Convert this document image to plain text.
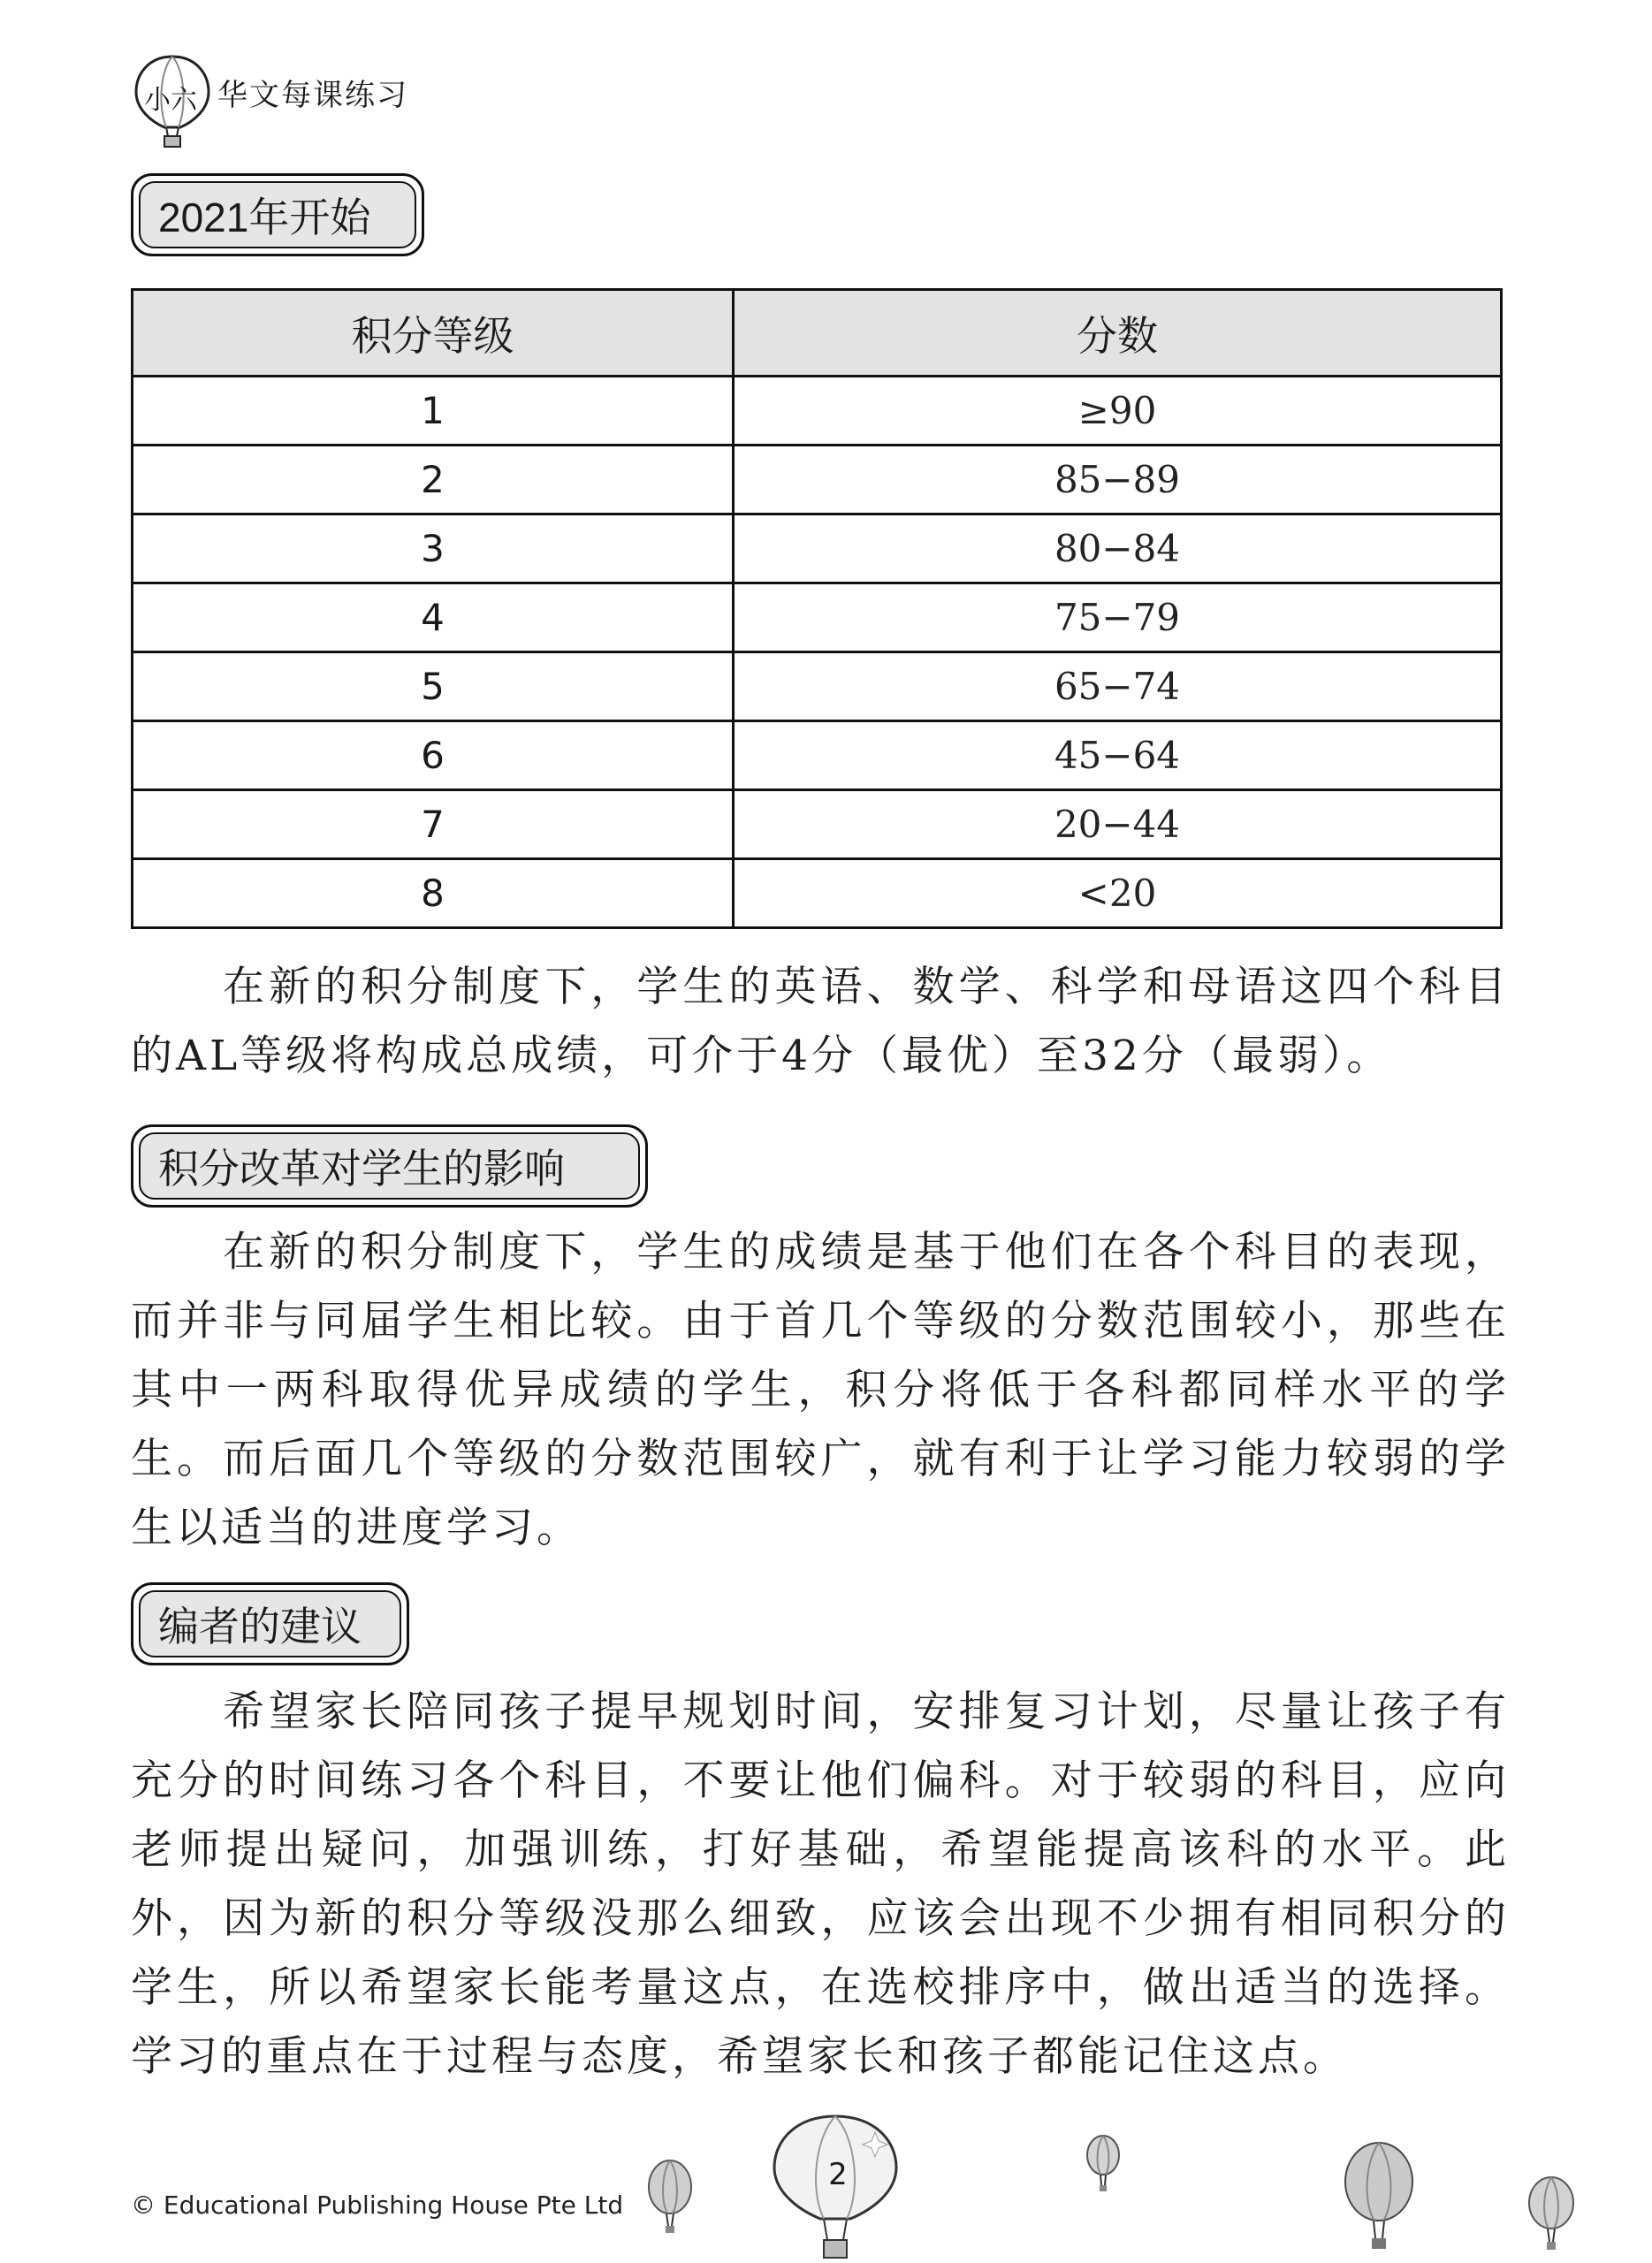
小六 华文每课练习
2021年开始
积分等级	分数
1	≥90
2	85−89
3	80−84
4	75−79
5	65−74
6	45−64
7	20−44
8	<20

在新的积分制度下，学生的英语、数学、科学和母语这四个科目的AL等级将构成总成绩，可介于4分（最优）至32分（最弱）。

积分改革对学生的影响

在新的积分制度下，学生的成绩是基于他们在各个科目的表现，而并非与同届学生相比较。由于首几个等级的分数范围较小，那些在其中一两科取得优异成绩的学生，积分将低于各科都同样水平的学生。而后面几个等级的分数范围较广，就有利于让学习能力较弱的学生以适当的进度学习。

编者的建议

希望家长陪同孩子提早规划时间，安排复习计划，尽量让孩子有充分的时间练习各个科目，不要让他们偏科。对于较弱的科目，应向老师提出疑问，加强训练，打好基础，希望能提高该科的水平。此外，因为新的积分等级没那么细致，应该会出现不少拥有相同积分的学生，所以希望家长能考量这点，在选校排序中，做出适当的选择。学习的重点在于过程与态度，希望家长和孩子都能记住这点。

© Educational Publishing House Pte Ltd
2
